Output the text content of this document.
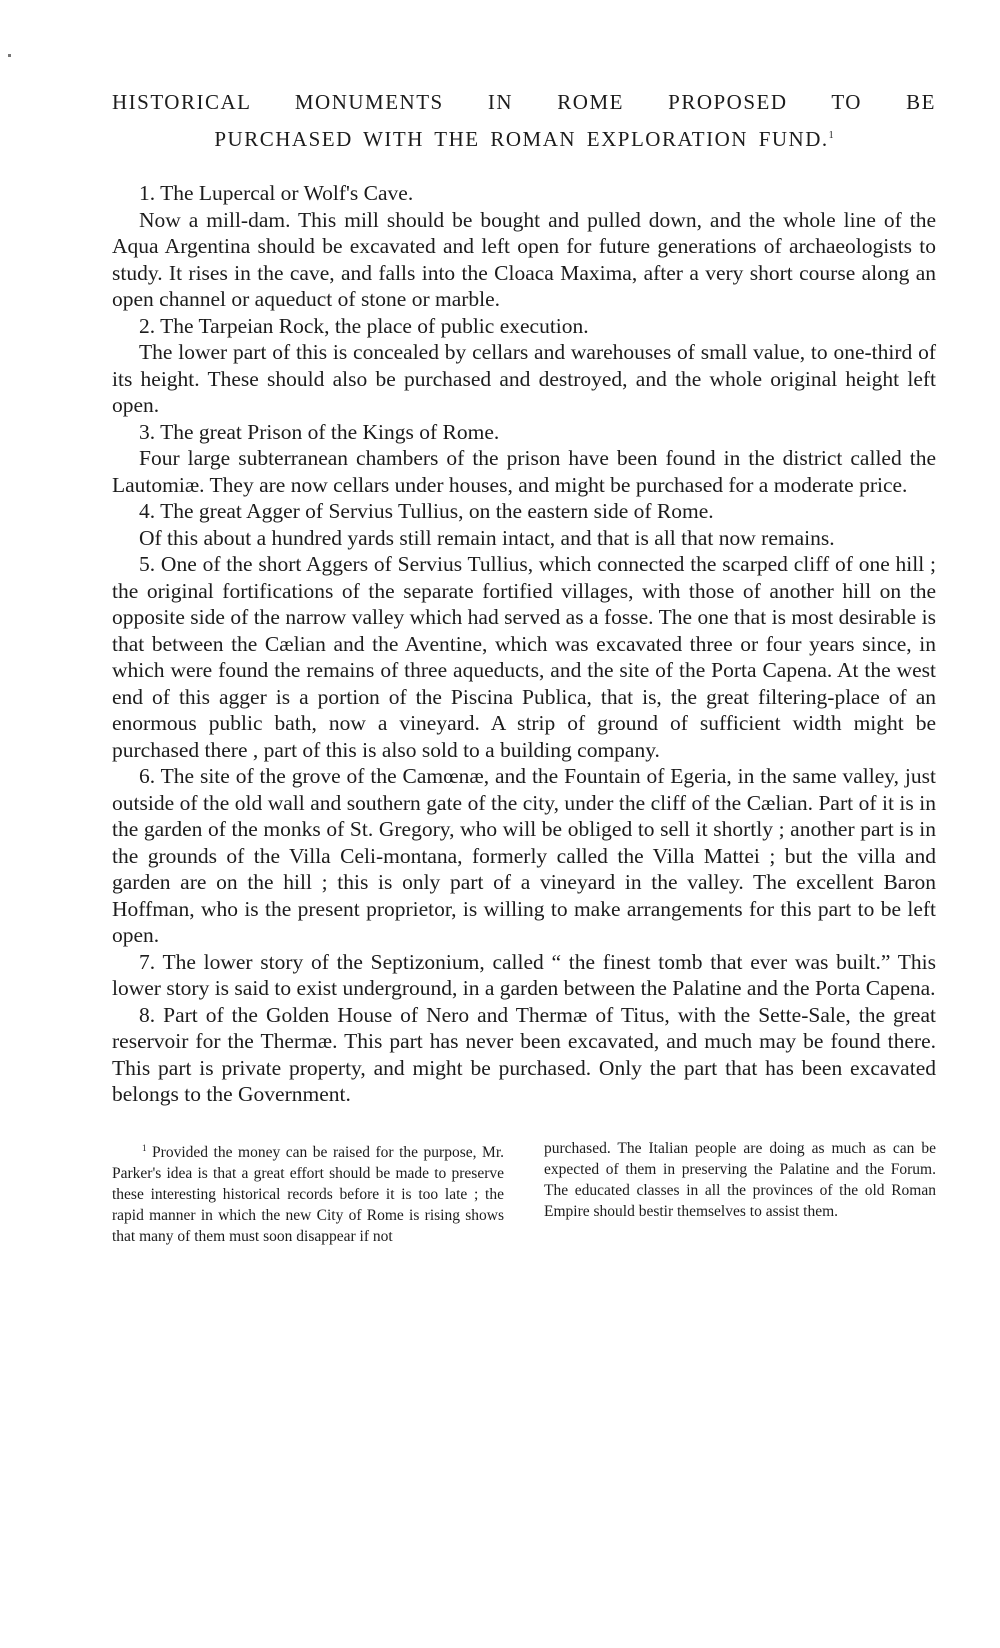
HISTORICAL MONUMENTS IN ROME PROPOSED TO BE
PURCHASED WITH THE ROMAN EXPLORATION FUND.$^1$

1. The Lupercal or Wolf's Cave.

Now a mill-dam. This mill should be bought and pulled down, and the whole line of the Aqua Argentina should be excavated and left open for future generations of archaeologists to study. It rises in the cave, and falls into the Cloaca Maxima, after a very short course along an open channel or aqueduct of stone or marble.

2. The Tarpeian Rock, the place of public execution.

The lower part of this is concealed by cellars and warehouses of small value, to one-third of its height. These should also be purchased and destroyed, and the whole original height left open.

3. The great Prison of the Kings of Rome.

Four large subterranean chambers of the prison have been found in the district called the Lautomiæ. They are now cellars under houses, and might be purchased for a moderate price.

4. The great Agger of Servius Tullius, on the eastern side of Rome.

Of this about a hundred yards still remain intact, and that is all that now remains.

5. One of the short Aggers of Servius Tullius, which connected the scarped cliff of one hill ; the original fortifications of the separate fortified villages, with those of another hill on the opposite side of the narrow valley which had served as a fosse. The one that is most desirable is that between the Cælian and the Aventine, which was excavated three or four years since, in which were found the remains of three aqueducts, and the site of the Porta Capena. At the west end of this agger is a portion of the Piscina Publica, that is, the great filtering-place of an enormous public bath, now a vineyard. A strip of ground of sufficient width might be purchased there , part of this is also sold to a building company.

6. The site of the grove of the Camœnæ, and the Fountain of Egeria, in the same valley, just outside of the old wall and southern gate of the city, under the cliff of the Cælian. Part of it is in the garden of the monks of St. Gregory, who will be obliged to sell it shortly ; another part is in the grounds of the Villa Celi-montana, formerly called the Villa Mattei ; but the villa and garden are on the hill ; this is only part of a vineyard in the valley. The excellent Baron Hoffman, who is the present proprietor, is willing to make arrangements for this part to be left open.

7. The lower story of the Septizonium, called “ the finest tomb that ever was built.” This lower story is said to exist underground, in a garden between the Palatine and the Porta Capena.

8. Part of the Golden House of Nero and Thermæ of Titus, with the Sette-Sale, the great reservoir for the Thermæ. This part has never been excavated, and much may be found there. This part is private property, and might be purchased. Only the part that has been excavated belongs to the Government.

$^1$ Provided the money can be raised for the purpose, Mr. Parker's idea is that a great effort should be made to preserve these interesting historical records before it is too late ; the rapid manner in which the new City of Rome is rising shows that many of them must soon disappear if not

purchased. The Italian people are doing as much as can be expected of them in preserving the Palatine and the Forum. The educated classes in all the provinces of the old Roman Empire should bestir themselves to assist them.
